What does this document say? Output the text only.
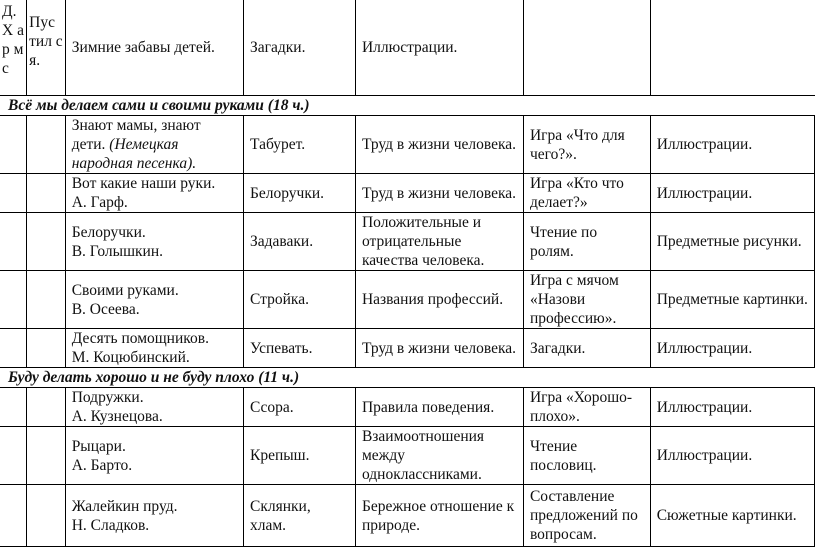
Д. Х ар м с	Пус тил ся.	Зимние забавы детей.	Загадки.	Иллюстрации.		
Всё мы делаем сами и своими руками (18 ч.)						

		Знают мамы, знают
дети. (Немецкая народная песенка).	Табурет.	Труд в жизни человека.	Игра «Что для чего?».	Иллюстрации.

		Вот какие наши руки.
А. Гарф.	Белоручки.	Труд в жизни человека.	Игра «Кто что делает?»	Иллюстрации.

		Белоручки.
В. Голышкин.	Задаваки.	Положительные и отрицательные качества человека.	Чтение по ролям.	Предметные рисунки.

		Своими руками.
В. Осеева.	Стройка.	Названия профессий.	Игра с мячом «Назови профессию».	Предметные картинки.

		Десять помощников.
М. Коцюбинский.	Успевать.	Труд в жизни человека.	Загадки.	Иллюстрации.
Буду делать хорошо и не буду плохо (11 ч.)						

		Подружки.
А. Кузнецова.	Ссора.	Правила поведения.	Игра «Хорошо-плохо».	Иллюстрации.

		Рыцари.
А. Барто.	Крепыш.	Взаимоотношения между одноклассниками.	Чтение пословиц.	Иллюстрации.

		Жалейкин пруд.
Н. Сладков.	Склянки, хлам.	Бережное отношение к природе.	Составление предложений по вопросам.	Сюжетные картинки.
